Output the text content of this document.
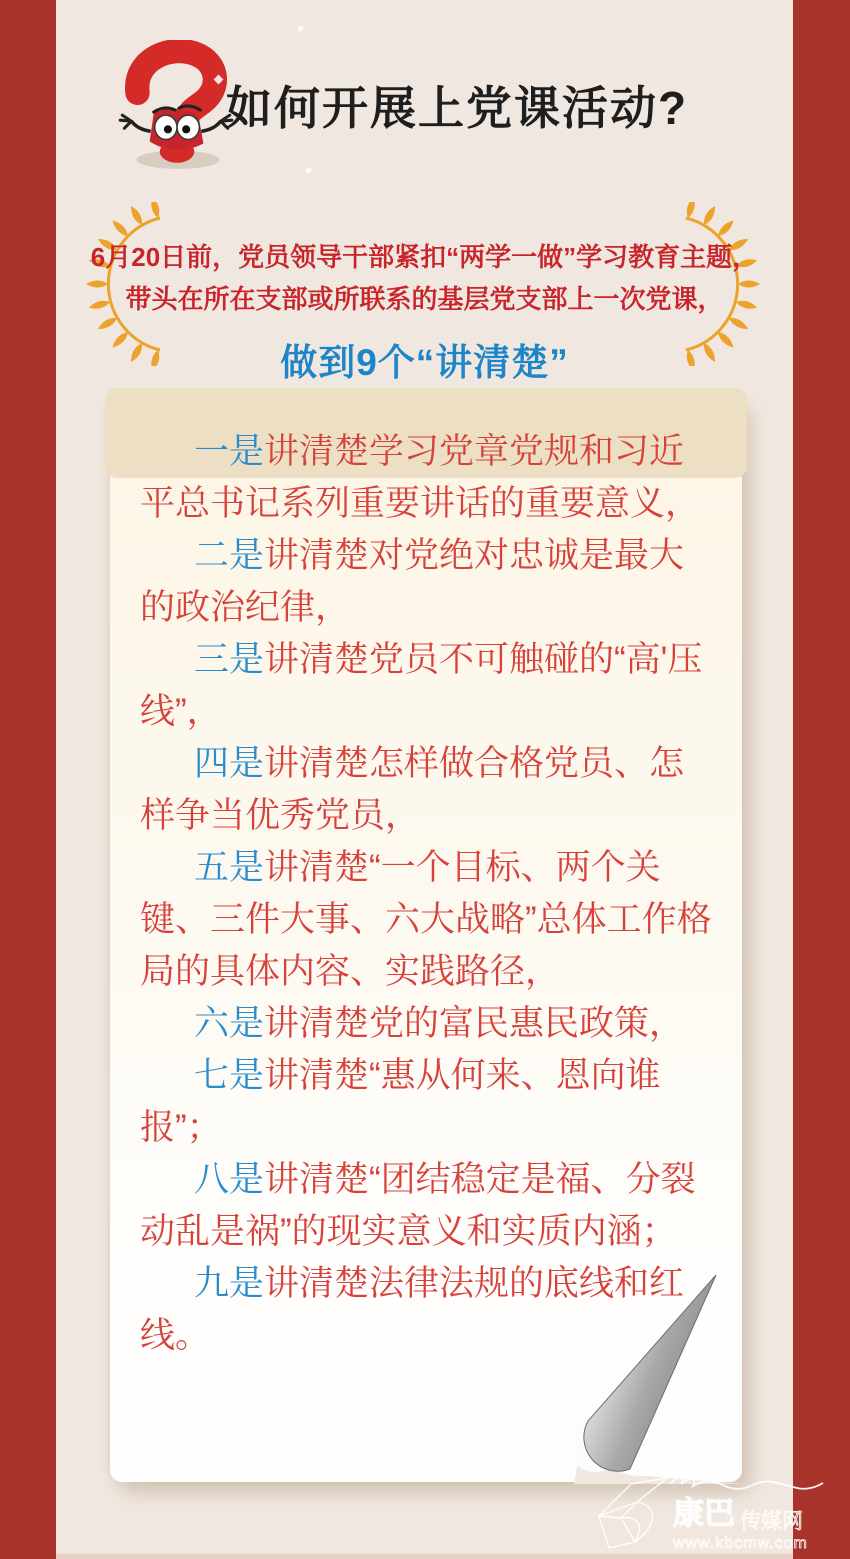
如何开展上党课活动?
6月20日前，党员领导干部紧扣“两学一做”学习教育主题，
带头在所在支部或所联系的基层党支部上一次党课，
做到9个“讲清楚”

一是讲清楚学习党章党规和习近平总书记系列重要讲话的重要意义，

二是讲清楚对党绝对忠诚是最大的政治纪律，

三是讲清楚党员不可触碰的“高'压线”，

四是讲清楚怎样做合格党员、怎样争当优秀党员，

五是讲清楚“一个目标、两个关键、三件大事、六大战略”总体工作格局的具体内容、实践路径，

六是讲清楚党的富民惠民政策，

七是讲清楚“惠从何来、恩向谁报”；

八是讲清楚“团结稳定是福、分裂动乱是祸”的现实意义和实质内涵；

九是讲清楚法律法规的底线和红线。

康巴 传媒网
www.kbcmw.com
